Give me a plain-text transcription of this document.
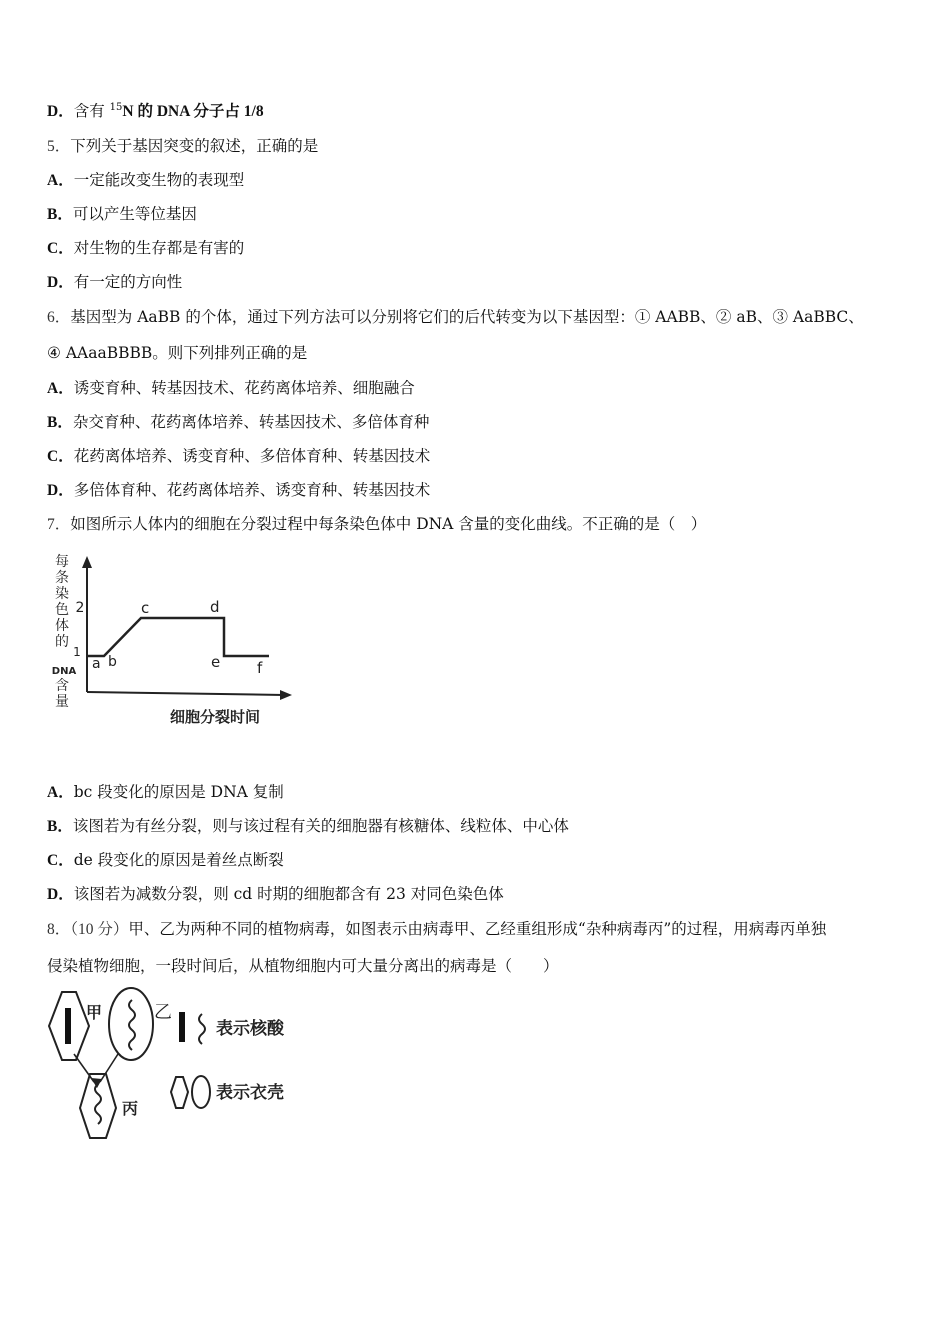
D．含有 $^{15}$N 的 DNA 分子占 1/8
5．下列关于基因突变的叙述，正确的是
A．一定能改变生物的表现型
B．可以产生等位基因
C．对生物的生存都是有害的
D．有一定的方向性
6．基因型为 AaBB 的个体，通过下列方法可以分别将它们的后代转变为以下基因型：① AABB、② aB、③ AaBBC、
④ AAaaBBBB。则下列排列正确的是
A．诱变育种、转基因技术、花药离体培养、细胞融合
B．杂交育种、花药离体培养、转基因技术、多倍体育种
C．花药离体培养、诱变育种、多倍体育种、转基因技术
D．多倍体育种、花药离体培养、诱变育种、转基因技术
7．如图所示人体内的细胞在分裂过程中每条染色体中 DNA 含量的变化曲线。不正确的是（　）
每
条
染
色
体
的
DNA
含
量
2
1
a b
c	d
e f
细胞分裂时间
A．bc 段变化的原因是 DNA 复制
B．该图若为有丝分裂，则与该过程有关的细胞器有核糖体、线粒体、中心体
C．de 段变化的原因是着丝点断裂
D．该图若为减数分裂，则 cd 时期的细胞都含有 23 对同色染色体
8．（10 分）甲、乙为两种不同的植物病毒，如图表示由病毒甲、乙经重组形成“杂种病毒丙”的过程，用病毒丙单独
侵染植物细胞，一段时间后，从植物细胞内可大量分离出的病毒是（　　）
甲	乙
丙
表示核酸
表示衣壳
